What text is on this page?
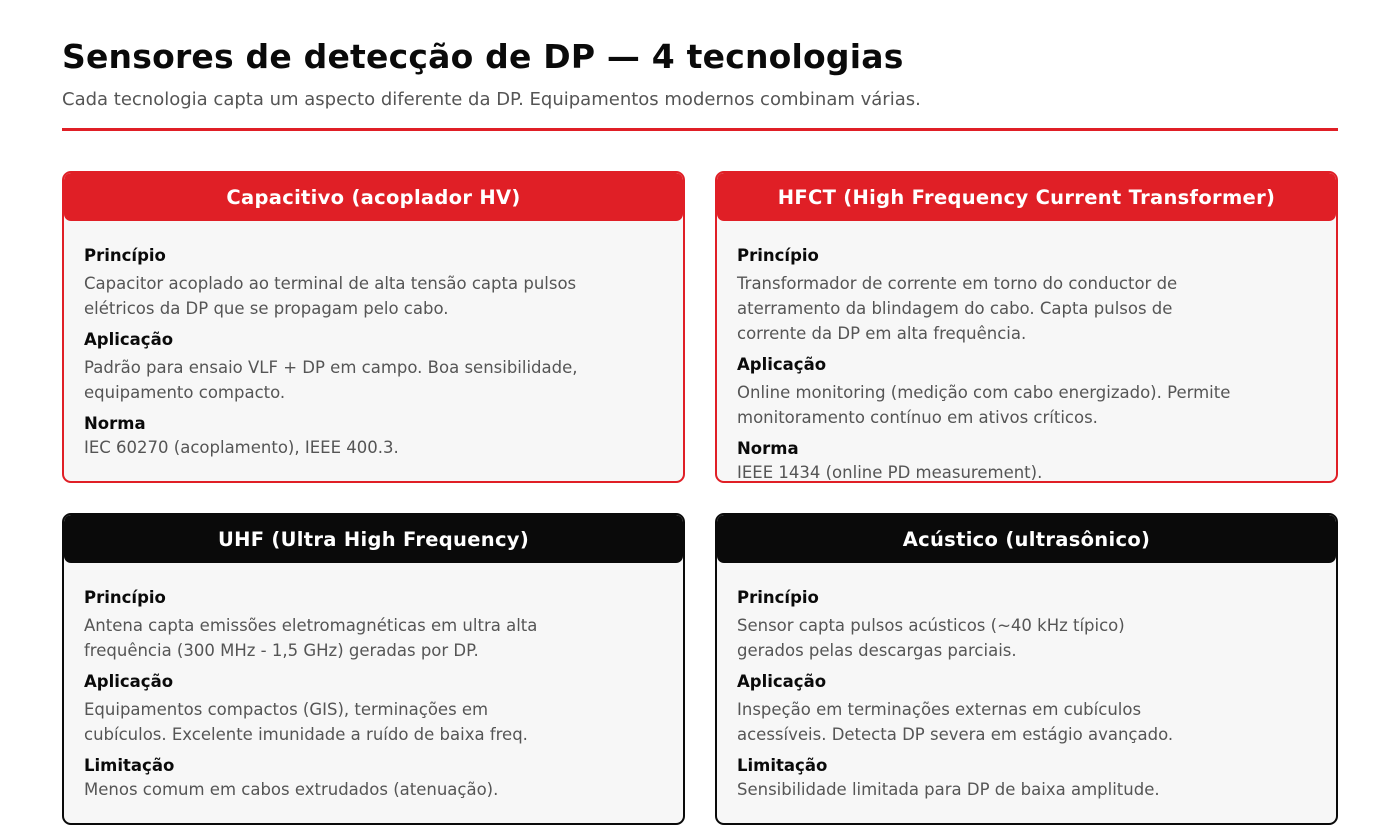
Sensores de detecção de DP — 4 tecnologias

Cada tecnologia capta um aspecto diferente da DP. Equipamentos modernos combinam várias.

Capacitivo (acoplador HV)
Princípio
Capacitor acoplado ao terminal de alta tensão capta pulsos elétricos da DP que se propagam pelo cabo.
Aplicação
Padrão para ensaio VLF + DP em campo. Boa sensibilidade, equipamento compacto.
Norma
IEC 60270 (acoplamento), IEEE 400.3.
HFCT (High Frequency Current Transformer)
Princípio
Transformador de corrente em torno do conductor de aterramento da blindagem do cabo. Capta pulsos de corrente da DP em alta frequência.
Aplicação
Online monitoring (medição com cabo energizado). Permite monitoramento contínuo em ativos críticos.
Norma
IEEE 1434 (online PD measurement).
UHF (Ultra High Frequency)
Princípio
Antena capta emissões eletromagnéticas em ultra alta frequência (300 MHz - 1,5 GHz) geradas por DP.
Aplicação
Equipamentos compactos (GIS), terminações em cubículos. Excelente imunidade a ruído de baixa freq.
Limitação
Menos comum em cabos extrudados (atenuação).
Acústico (ultrasônico)
Princípio
Sensor capta pulsos acústicos (~40 kHz típico) gerados pelas descargas parciais.
Aplicação
Inspeção em terminações externas em cubículos acessíveis. Detecta DP severa em estágio avançado.
Limitação
Sensibilidade limitada para DP de baixa amplitude.
